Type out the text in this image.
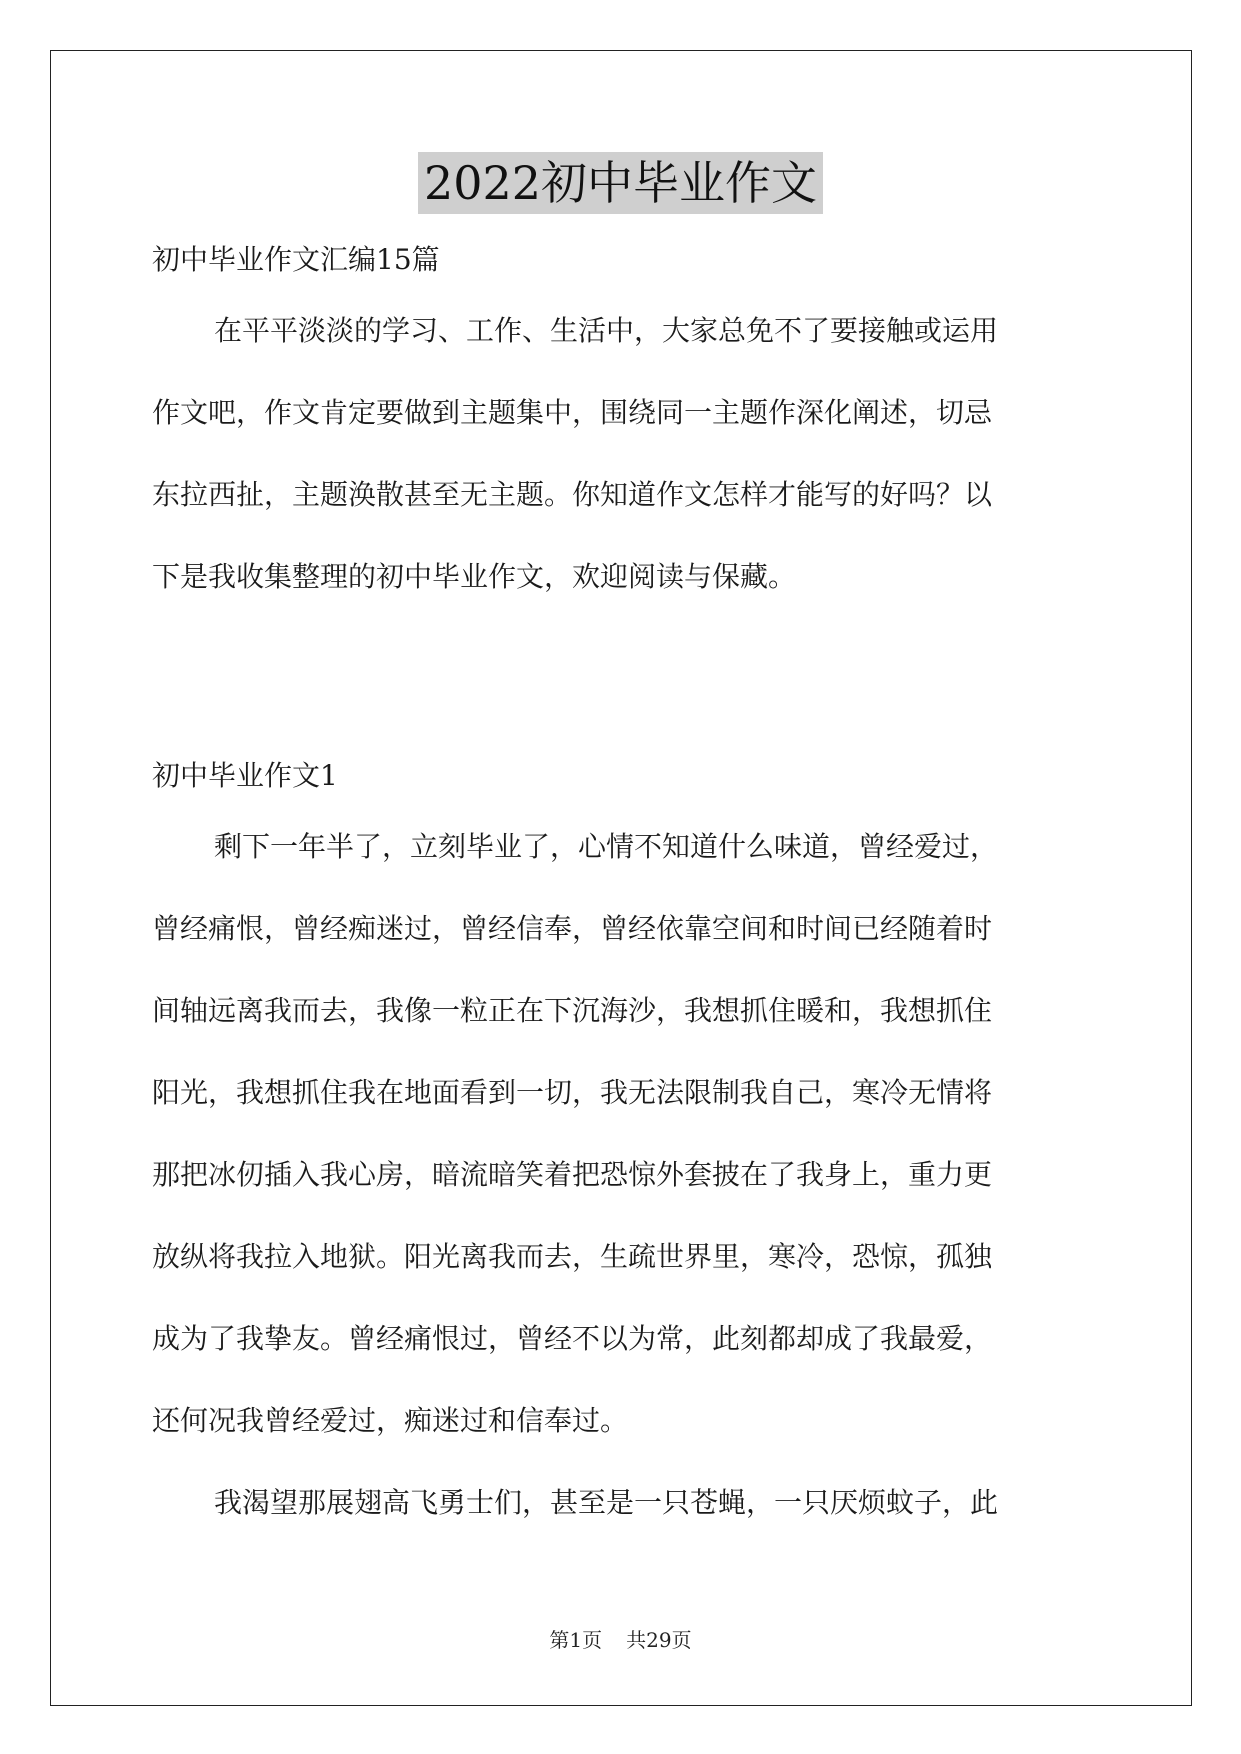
2022初中毕业作文
初中毕业作文汇编15篇
在平平淡淡的学习、工作、生活中，大家总免不了要接触或运用
作文吧，作文肯定要做到主题集中，围绕同一主题作深化阐述，切忌
东拉西扯，主题涣散甚至无主题。你知道作文怎样才能写的好吗？以
下是我收集整理的初中毕业作文，欢迎阅读与保藏。
初中毕业作文1
剩下一年半了，立刻毕业了，心情不知道什么味道，曾经爱过，
曾经痛恨，曾经痴迷过，曾经信奉，曾经依靠空间和时间已经随着时
间轴远离我而去，我像一粒正在下沉海沙，我想抓住暖和，我想抓住
阳光，我想抓住我在地面看到一切，我无法限制我自己，寒冷无情将
那把冰仞插入我心房，暗流暗笑着把恐惊外套披在了我身上，重力更
放纵将我拉入地狱。阳光离我而去，生疏世界里，寒冷，恐惊，孤独
成为了我挚友。曾经痛恨过，曾经不以为常，此刻都却成了我最爱，
还何况我曾经爱过，痴迷过和信奉过。
我渴望那展翅高飞勇士们，甚至是一只苍蝇，一只厌烦蚊子，此
第1页 共29页
